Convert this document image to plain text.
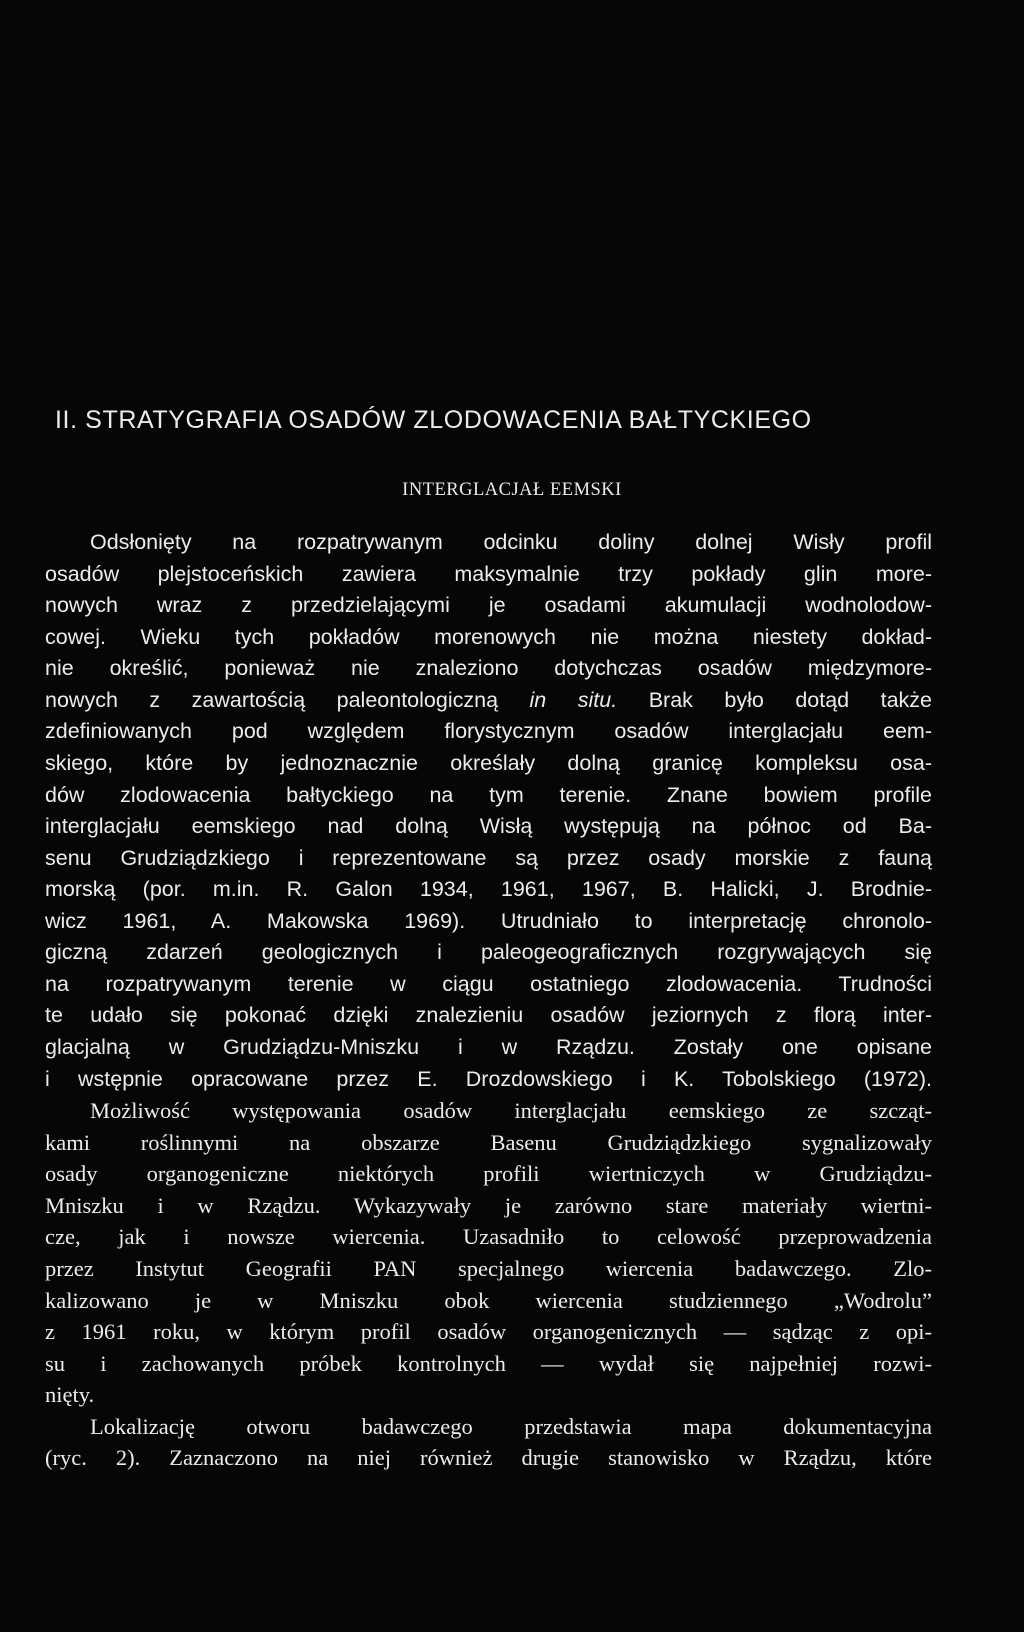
II. STRATYGRAFIA OSADÓW ZLODOWACENIA BAŁTYCKIEGO
INTERGLACJAŁ EEMSKI
Odsłonięty na rozpatrywanym odcinku doliny dolnej Wisły profil
osadów plejstoceńskich zawiera maksymalnie trzy pokłady glin more-
nowych wraz z przedzielającymi je osadami akumulacji wodnolodow-
cowej. Wieku tych pokładów morenowych nie można niestety dokład-
nie określić, ponieważ nie znaleziono dotychczas osadów międzymore-
nowych z zawartością paleontologiczną in situ. Brak było dotąd także
zdefiniowanych pod względem florystycznym osadów interglacjału eem-
skiego, które by jednoznacznie określały dolną granicę kompleksu osa-
dów zlodowacenia bałtyckiego na tym terenie. Znane bowiem profile
interglacjału eemskiego nad dolną Wisłą występują na północ od Ba-
senu Grudziądzkiego i reprezentowane są przez osady morskie z fauną
morską (por. m.in. R. Galon 1934, 1961, 1967, B. Halicki, J. Brodnie-
wicz 1961, A. Makowska 1969). Utrudniało to interpretację chronolo-
giczną zdarzeń geologicznych i paleogeograficznych rozgrywających się
na rozpatrywanym terenie w ciągu ostatniego zlodowacenia. Trudności
te udało się pokonać dzięki znalezieniu osadów jeziornych z florą inter-
glacjalną w Grudziądzu-Mniszku i w Rządzu. Zostały one opisane
i wstępnie opracowane przez E. Drozdowskiego i K. Tobolskiego (1972).
Możliwość występowania osadów interglacjału eemskiego ze szcząt-
kami roślinnymi na obszarze Basenu Grudziądzkiego sygnalizowały
osady organogeniczne niektórych profili wiertniczych w Grudziądzu-
Mniszku i w Rządzu. Wykazywały je zarówno stare materiały wiertni-
cze, jak i nowsze wiercenia. Uzasadniło to celowość przeprowadzenia
przez Instytut Geografii PAN specjalnego wiercenia badawczego. Zlo-
kalizowano je w Mniszku obok wiercenia studziennego „Wodrolu”
z 1961 roku, w którym profil osadów organogenicznych — sądząc z opi-
su i zachowanych próbek kontrolnych — wydał się najpełniej rozwi-
nięty.
Lokalizację otworu badawczego przedstawia mapa dokumentacyjna
(ryc. 2). Zaznaczono na niej również drugie stanowisko w Rządzu, które
